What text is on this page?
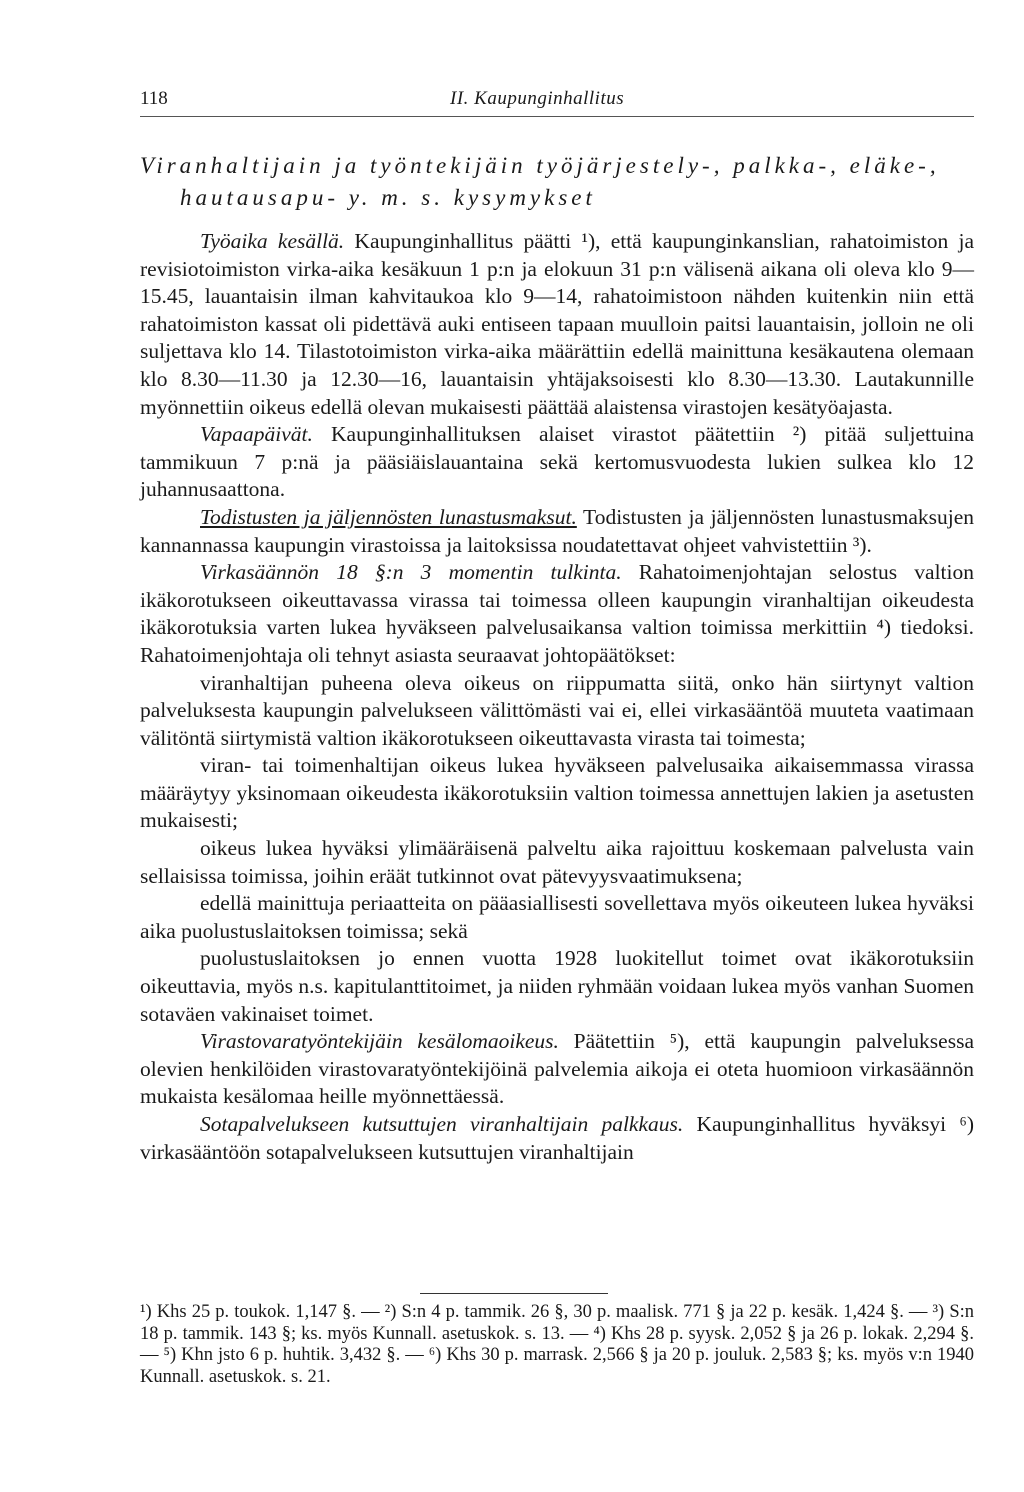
118	II. Kaupunginhallitus
Viranhaltijain ja työntekijäin työjärjestely-, palkka-, eläke-, hautausapu- y. m. s. kysymykset

Työaika kesällä. Kaupunginhallitus päätti ¹), että kaupunginkanslian, rahatoimiston ja revisiotoimiston virka-aika kesäkuun 1 p:n ja elokuun 31 p:n välisenä aikana oli oleva klo 9—15.45, lauantaisin ilman kahvitaukoa klo 9—14, rahatoimistoon nähden kuitenkin niin että rahatoimiston kassat oli pidettävä auki entiseen tapaan muulloin paitsi lauantaisin, jolloin ne oli suljettava klo 14. Tilastotoimiston virka-aika määrättiin edellä mainittuna kesäkautena olemaan klo 8.30—11.30 ja 12.30—16, lauantaisin yhtäjaksoisesti klo 8.30—13.30. Lautakunnille myönnettiin oikeus edellä olevan mukaisesti päättää alaistensa virastojen kesätyöajasta.

Vapaapäivät. Kaupunginhallituksen alaiset virastot päätettiin ²) pitää suljettuina tammikuun 7 p:nä ja pääsiäislauantaina sekä kertomusvuodesta lukien sulkea klo 12 juhannusaattona.

Todistusten ja jäljennösten lunastusmaksut. Todistusten ja jäljennösten lunastusmaksujen kannannassa kaupungin virastoissa ja laitoksissa noudatettavat ohjeet vahvistettiin ³).

Virkasäännön 18 §:n 3 momentin tulkinta. Rahatoimenjohtajan selostus valtion ikäkorotukseen oikeuttavassa virassa tai toimessa olleen kaupungin viranhaltijan oikeudesta ikäkorotuksia varten lukea hyväkseen palvelusaikansa valtion toimissa merkittiin ⁴) tiedoksi. Rahatoimenjohtaja oli tehnyt asiasta seuraavat johtopäätökset:

viranhaltijan puheena oleva oikeus on riippumatta siitä, onko hän siirtynyt valtion palveluksesta kaupungin palvelukseen välittömästi vai ei, ellei virkasääntöä muuteta vaatimaan välitöntä siirtymistä valtion ikäkorotukseen oikeuttavasta virasta tai toimesta;

viran- tai toimenhaltijan oikeus lukea hyväkseen palvelusaika aikaisemmassa virassa määräytyy yksinomaan oikeudesta ikäkorotuksiin valtion toimessa annettujen lakien ja asetusten mukaisesti;

oikeus lukea hyväksi ylimääräisenä palveltu aika rajoittuu koskemaan palvelusta vain sellaisissa toimissa, joihin eräät tutkinnot ovat pätevyysvaatimuksena;

edellä mainittuja periaatteita on pääasiallisesti sovellettava myös oikeuteen lukea hyväksi aika puolustuslaitoksen toimissa; sekä

puolustuslaitoksen jo ennen vuotta 1928 luokitellut toimet ovat ikäkorotuksiin oikeuttavia, myös n.s. kapitulanttitoimet, ja niiden ryhmään voidaan lukea myös vanhan Suomen sotaväen vakinaiset toimet.

Virastovaratyöntekijäin kesälomaoikeus. Päätettiin ⁵), että kaupungin palveluksessa olevien henkilöiden virastovaratyöntekijöinä palvelemia aikoja ei oteta huomioon virkasäännön mukaista kesälomaa heille myönnettäessä.

Sotapalvelukseen kutsuttujen viranhaltijain palkkaus. Kaupunginhallitus hyväksyi ⁶) virkasääntöön sotapalvelukseen kutsuttujen viranhaltijain

¹) Khs 25 p. toukok. 1,147 §. — ²) S:n 4 p. tammik. 26 §, 30 p. maalisk. 771 § ja 22 p. kesäk. 1,424 §. — ³) S:n 18 p. tammik. 143 §; ks. myös Kunnall. asetuskok. s. 13. — ⁴) Khs 28 p. syysk. 2,052 § ja 26 p. lokak. 2,294 §. — ⁵) Khn jsto 6 p. huhtik. 3,432 §. — ⁶) Khs 30 p. marrask. 2,566 § ja 20 p. jouluk. 2,583 §; ks. myös v:n 1940 Kunnall. asetuskok. s. 21.
